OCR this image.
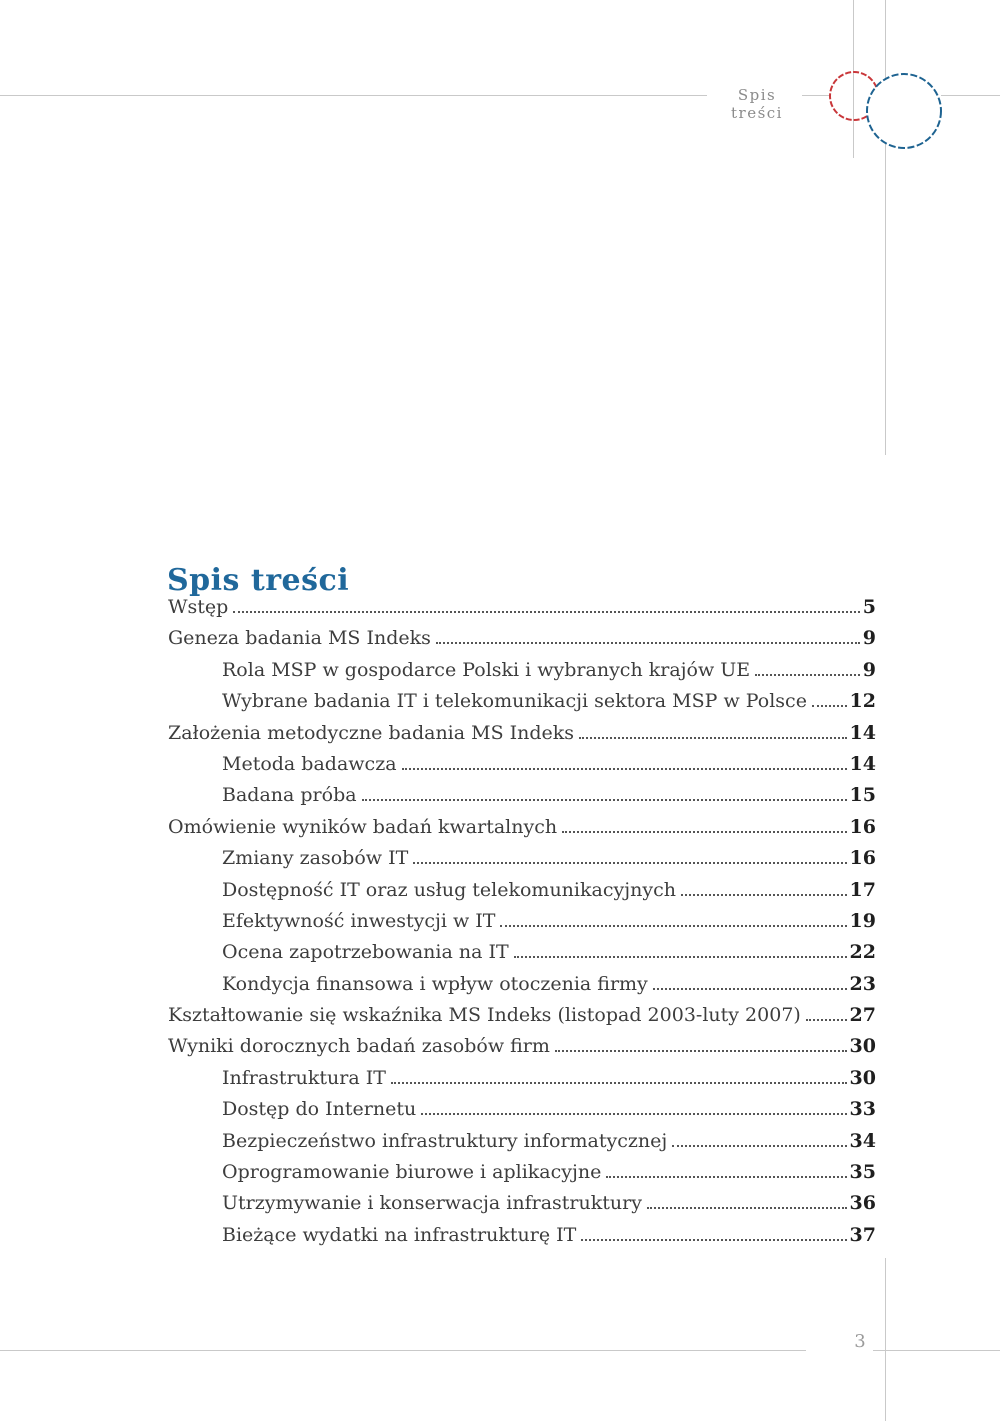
Spis treści
Spis treści
Wstęp	5
Geneza badania MS Indeks	9
Rola MSP w gospodarce Polski i wybranych krajów UE	9
Wybrane badania IT i telekomunikacji sektora MSP w Polsce 12
Założenia metodyczne badania MS Indeks	14
Metoda badawcza	14
Badana próba	15
Omówienie wyników badań kwartalnych	16
Zmiany zasobów IT	16
Dostępność IT oraz usług telekomunikacyjnych	17
Efektywność inwestycji w IT	19
Ocena zapotrzebowania na IT	22
Kondycja finansowa i wpływ otoczenia firmy	23
Kształtowanie się wskaźnika MS Indeks (listopad 2003-luty 2007)	27
Wyniki dorocznych badań zasobów firm	30
Infrastruktura IT	30
Dostęp do Internetu	33
Bezpieczeństwo infrastruktury informatycznej	34
Oprogramowanie biurowe i aplikacyjne	35
Utrzymywanie i konserwacja infrastruktury	36
Bieżące wydatki na infrastrukturę IT	37
3
